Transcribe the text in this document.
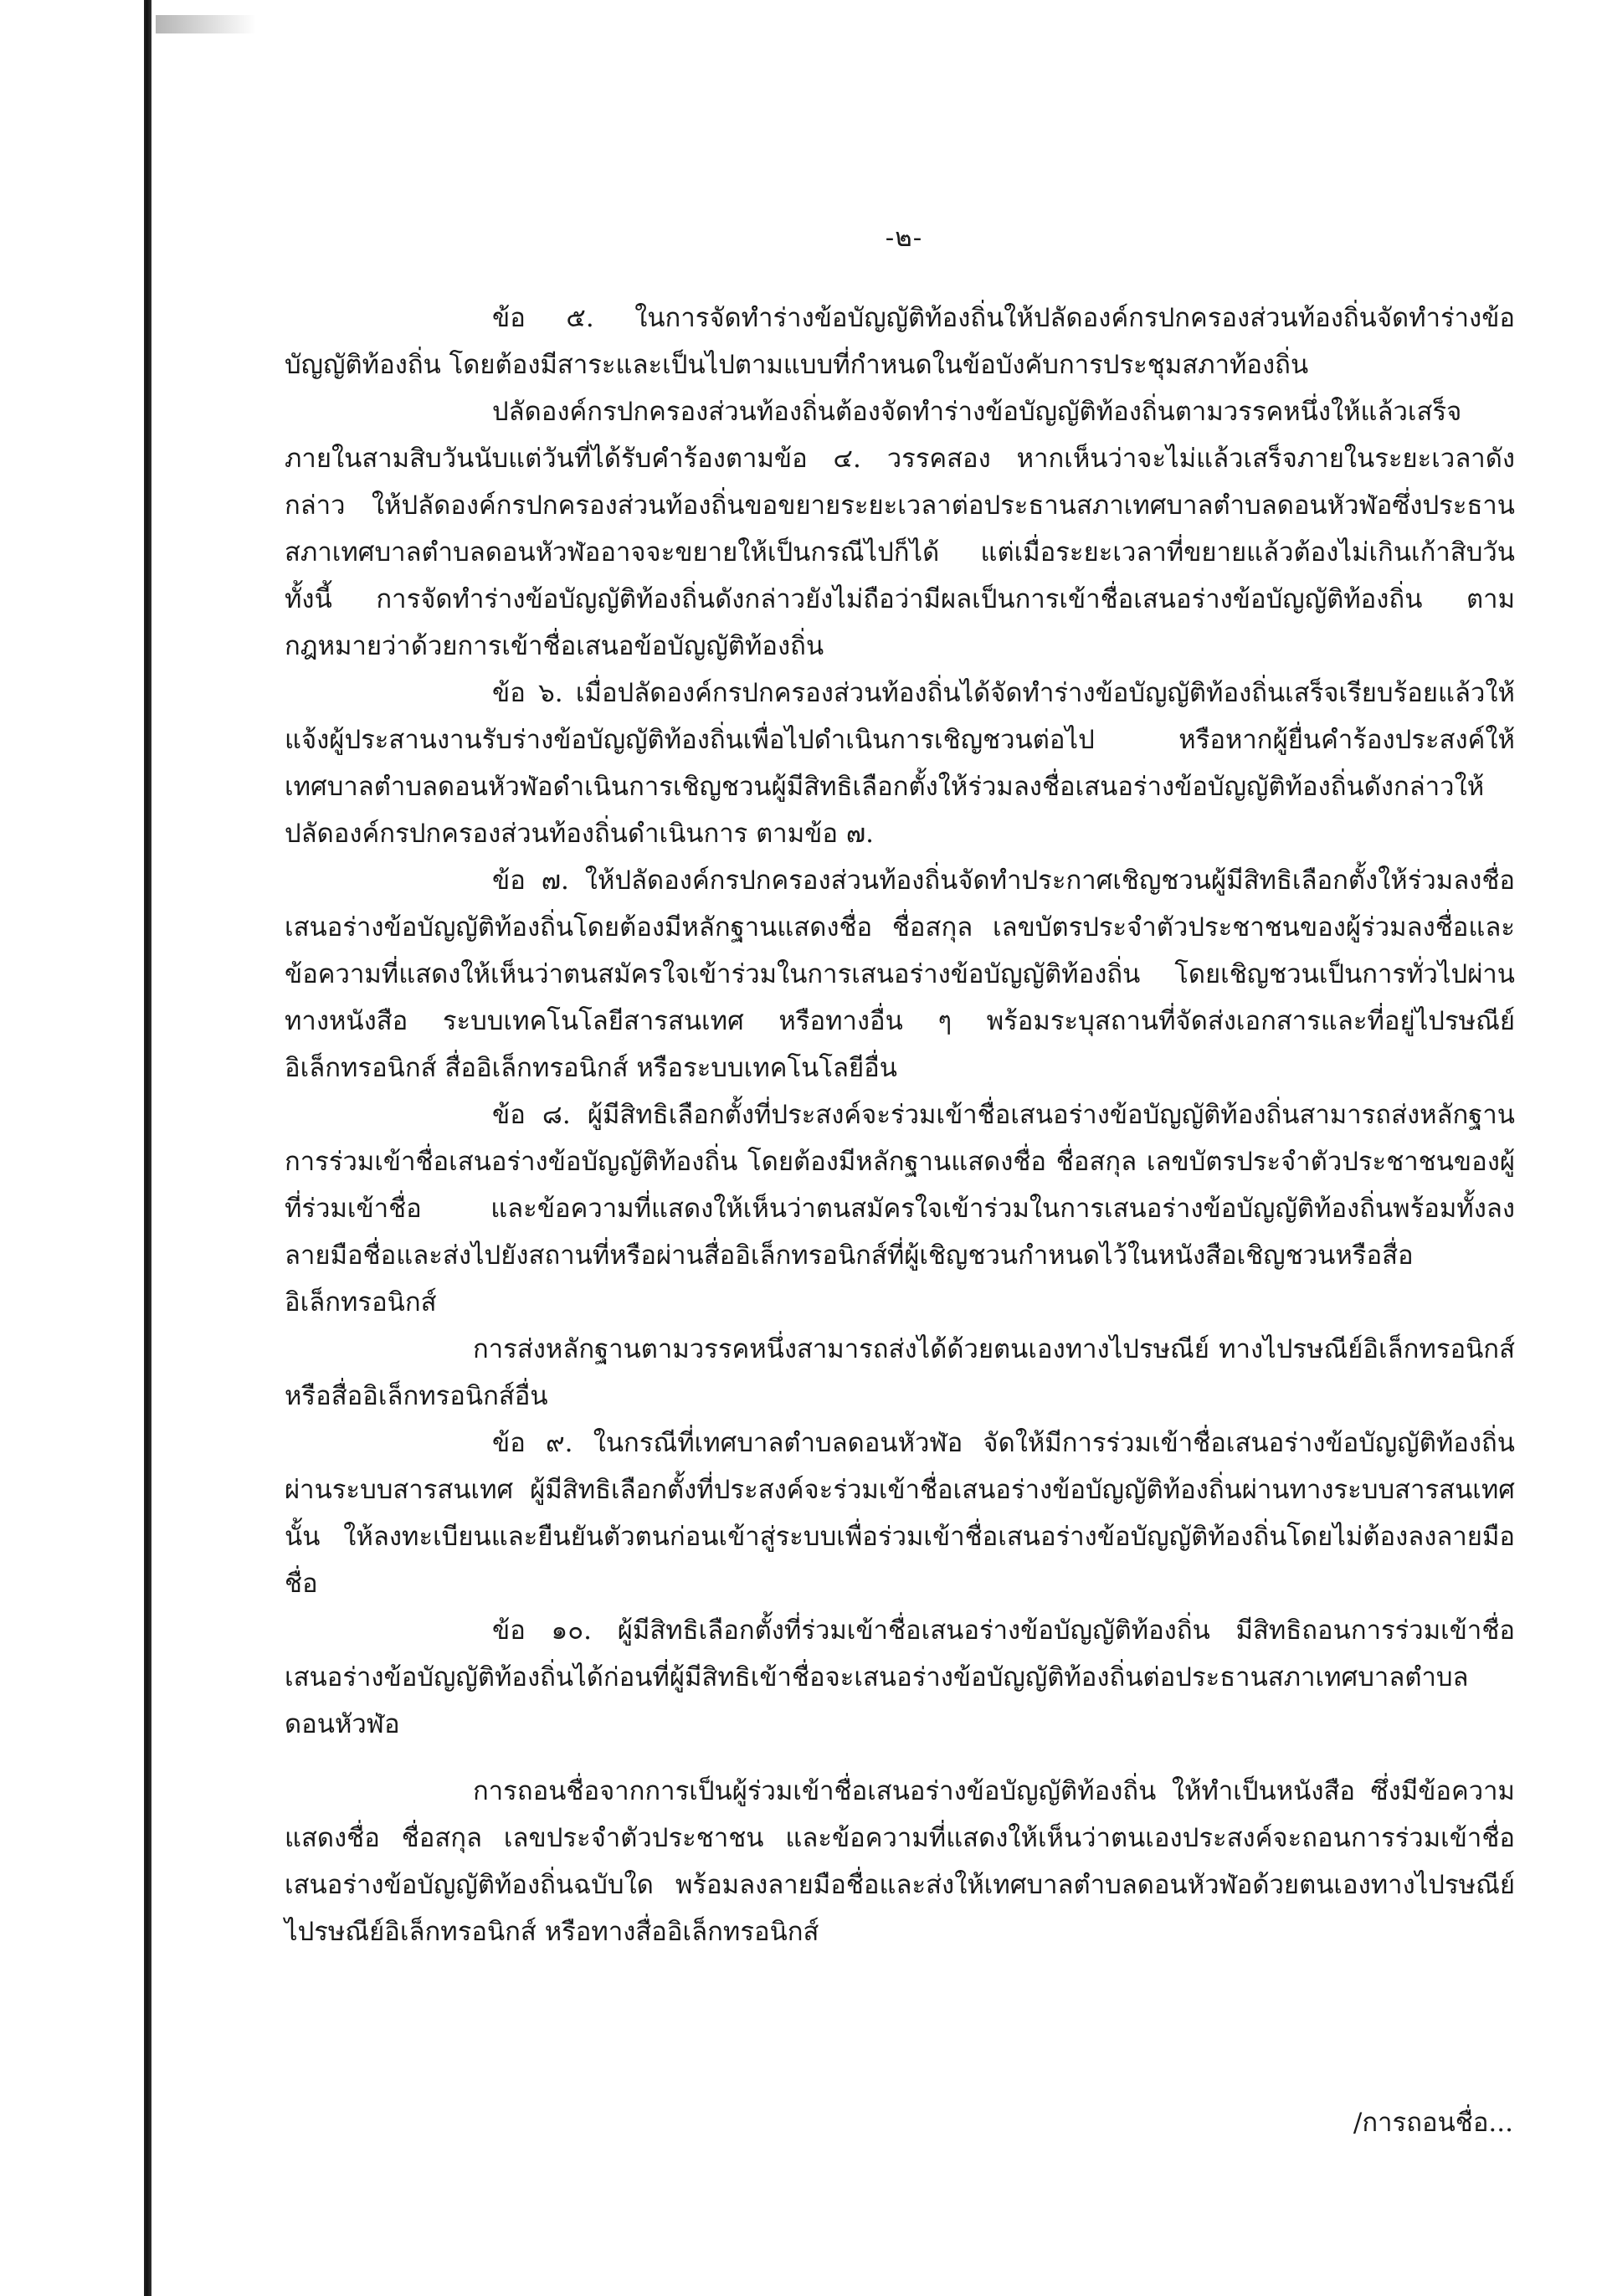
-๒-

ข้อ ๕. ในการจัดทำร่างข้อบัญญัติท้องถิ่นให้ปลัดองค์กรปกครองส่วนท้องถิ่นจัดทำร่างข้อบัญญัติท้องถิ่น โดยต้องมีสาระและเป็นไปตามแบบที่กำหนดในข้อบังคับการประชุมสภาท้องถิ่น

ปลัดองค์กรปกครองส่วนท้องถิ่นต้องจัดทำร่างข้อบัญญัติท้องถิ่นตามวรรคหนึ่งให้แล้วเสร็จภายในสามสิบวันนับแต่วันที่ได้รับคำร้องตามข้อ ๔. วรรคสอง หากเห็นว่าจะไม่แล้วเสร็จภายในระยะเวลาดังกล่าว ให้ปลัดองค์กรปกครองส่วนท้องถิ่นขอขยายระยะเวลาต่อประธานสภาเทศบาลตำบลดอนหัวฬ่อซึ่งประธานสภาเทศบาลตำบลดอนหัวฬ่ออาจจะขยายให้เป็นกรณีไปก็ได้ แต่เมื่อระยะเวลาที่ขยายแล้วต้องไม่เกินเก้าสิบวัน ทั้งนี้ การจัดทำร่างข้อบัญญัติท้องถิ่นดังกล่าวยังไม่ถือว่ามีผลเป็นการเข้าชื่อเสนอร่างข้อบัญญัติท้องถิ่น ตามกฎหมายว่าด้วยการเข้าชื่อเสนอข้อบัญญัติท้องถิ่น

ข้อ ๖. เมื่อปลัดองค์กรปกครองส่วนท้องถิ่นได้จัดทำร่างข้อบัญญัติท้องถิ่นเสร็จเรียบร้อยแล้วให้แจ้งผู้ประสานงานรับร่างข้อบัญญัติท้องถิ่นเพื่อไปดำเนินการเชิญชวนต่อไป หรือหากผู้ยื่นคำร้องประสงค์ให้เทศบาลตำบลดอนหัวฬ่อดำเนินการเชิญชวนผู้มีสิทธิเลือกตั้งให้ร่วมลงชื่อเสนอร่างข้อบัญญัติท้องถิ่นดังกล่าวให้ปลัดองค์กรปกครองส่วนท้องถิ่นดำเนินการ ตามข้อ ๗.

ข้อ ๗. ให้ปลัดองค์กรปกครองส่วนท้องถิ่นจัดทำประกาศเชิญชวนผู้มีสิทธิเลือกตั้งให้ร่วมลงชื่อเสนอร่างข้อบัญญัติท้องถิ่นโดยต้องมีหลักฐานแสดงชื่อ ชื่อสกุล เลขบัตรประจำตัวประชาชนของผู้ร่วมลงชื่อและข้อความที่แสดงให้เห็นว่าตนสมัครใจเข้าร่วมในการเสนอร่างข้อบัญญัติท้องถิ่น โดยเชิญชวนเป็นการทั่วไปผ่านทางหนังสือ ระบบเทคโนโลยีสารสนเทศ หรือทางอื่น ๆ พร้อมระบุสถานที่จัดส่งเอกสารและที่อยู่ไปรษณีย์อิเล็กทรอนิกส์ สื่ออิเล็กทรอนิกส์ หรือระบบเทคโนโลยีอื่น

ข้อ ๘. ผู้มีสิทธิเลือกตั้งที่ประสงค์จะร่วมเข้าชื่อเสนอร่างข้อบัญญัติท้องถิ่นสามารถส่งหลักฐานการร่วมเข้าชื่อเสนอร่างข้อบัญญัติท้องถิ่น โดยต้องมีหลักฐานแสดงชื่อ ชื่อสกุล เลขบัตรประจำตัวประชาชนของผู้ที่ร่วมเข้าชื่อ และข้อความที่แสดงให้เห็นว่าตนสมัครใจเข้าร่วมในการเสนอร่างข้อบัญญัติท้องถิ่นพร้อมทั้งลงลายมือชื่อและส่งไปยังสถานที่หรือผ่านสื่ออิเล็กทรอนิกส์ที่ผู้เชิญชวนกำหนดไว้ในหนังสือเชิญชวนหรือสื่ออิเล็กทรอนิกส์

การส่งหลักฐานตามวรรคหนึ่งสามารถส่งได้ด้วยตนเองทางไปรษณีย์ ทางไปรษณีย์อิเล็กทรอนิกส์ หรือสื่ออิเล็กทรอนิกส์อื่น

ข้อ ๙. ในกรณีที่เทศบาลตำบลดอนหัวฬ่อ จัดให้มีการร่วมเข้าชื่อเสนอร่างข้อบัญญัติท้องถิ่นผ่านระบบสารสนเทศ ผู้มีสิทธิเลือกตั้งที่ประสงค์จะร่วมเข้าชื่อเสนอร่างข้อบัญญัติท้องถิ่นผ่านทางระบบสารสนเทศนั้น ให้ลงทะเบียนและยืนยันตัวตนก่อนเข้าสู่ระบบเพื่อร่วมเข้าชื่อเสนอร่างข้อบัญญัติท้องถิ่นโดยไม่ต้องลงลายมือชื่อ

ข้อ ๑๐. ผู้มีสิทธิเลือกตั้งที่ร่วมเข้าชื่อเสนอร่างข้อบัญญัติท้องถิ่น มีสิทธิถอนการร่วมเข้าชื่อเสนอร่างข้อบัญญัติท้องถิ่นได้ก่อนที่ผู้มีสิทธิเข้าชื่อจะเสนอร่างข้อบัญญัติท้องถิ่นต่อประธานสภาเทศบาลตำบลดอนหัวฬ่อ

การถอนชื่อจากการเป็นผู้ร่วมเข้าชื่อเสนอร่างข้อบัญญัติท้องถิ่น ให้ทำเป็นหนังสือ ซึ่งมีข้อความแสดงชื่อ ชื่อสกุล เลขประจำตัวประชาชน และข้อความที่แสดงให้เห็นว่าตนเองประสงค์จะถอนการร่วมเข้าชื่อเสนอร่างข้อบัญญัติท้องถิ่นฉบับใด พร้อมลงลายมือชื่อและส่งให้เทศบาลตำบลดอนหัวฬ่อด้วยตนเองทางไปรษณีย์ ไปรษณีย์อิเล็กทรอนิกส์ หรือทางสื่ออิเล็กทรอนิกส์

/การถอนชื่อ...
